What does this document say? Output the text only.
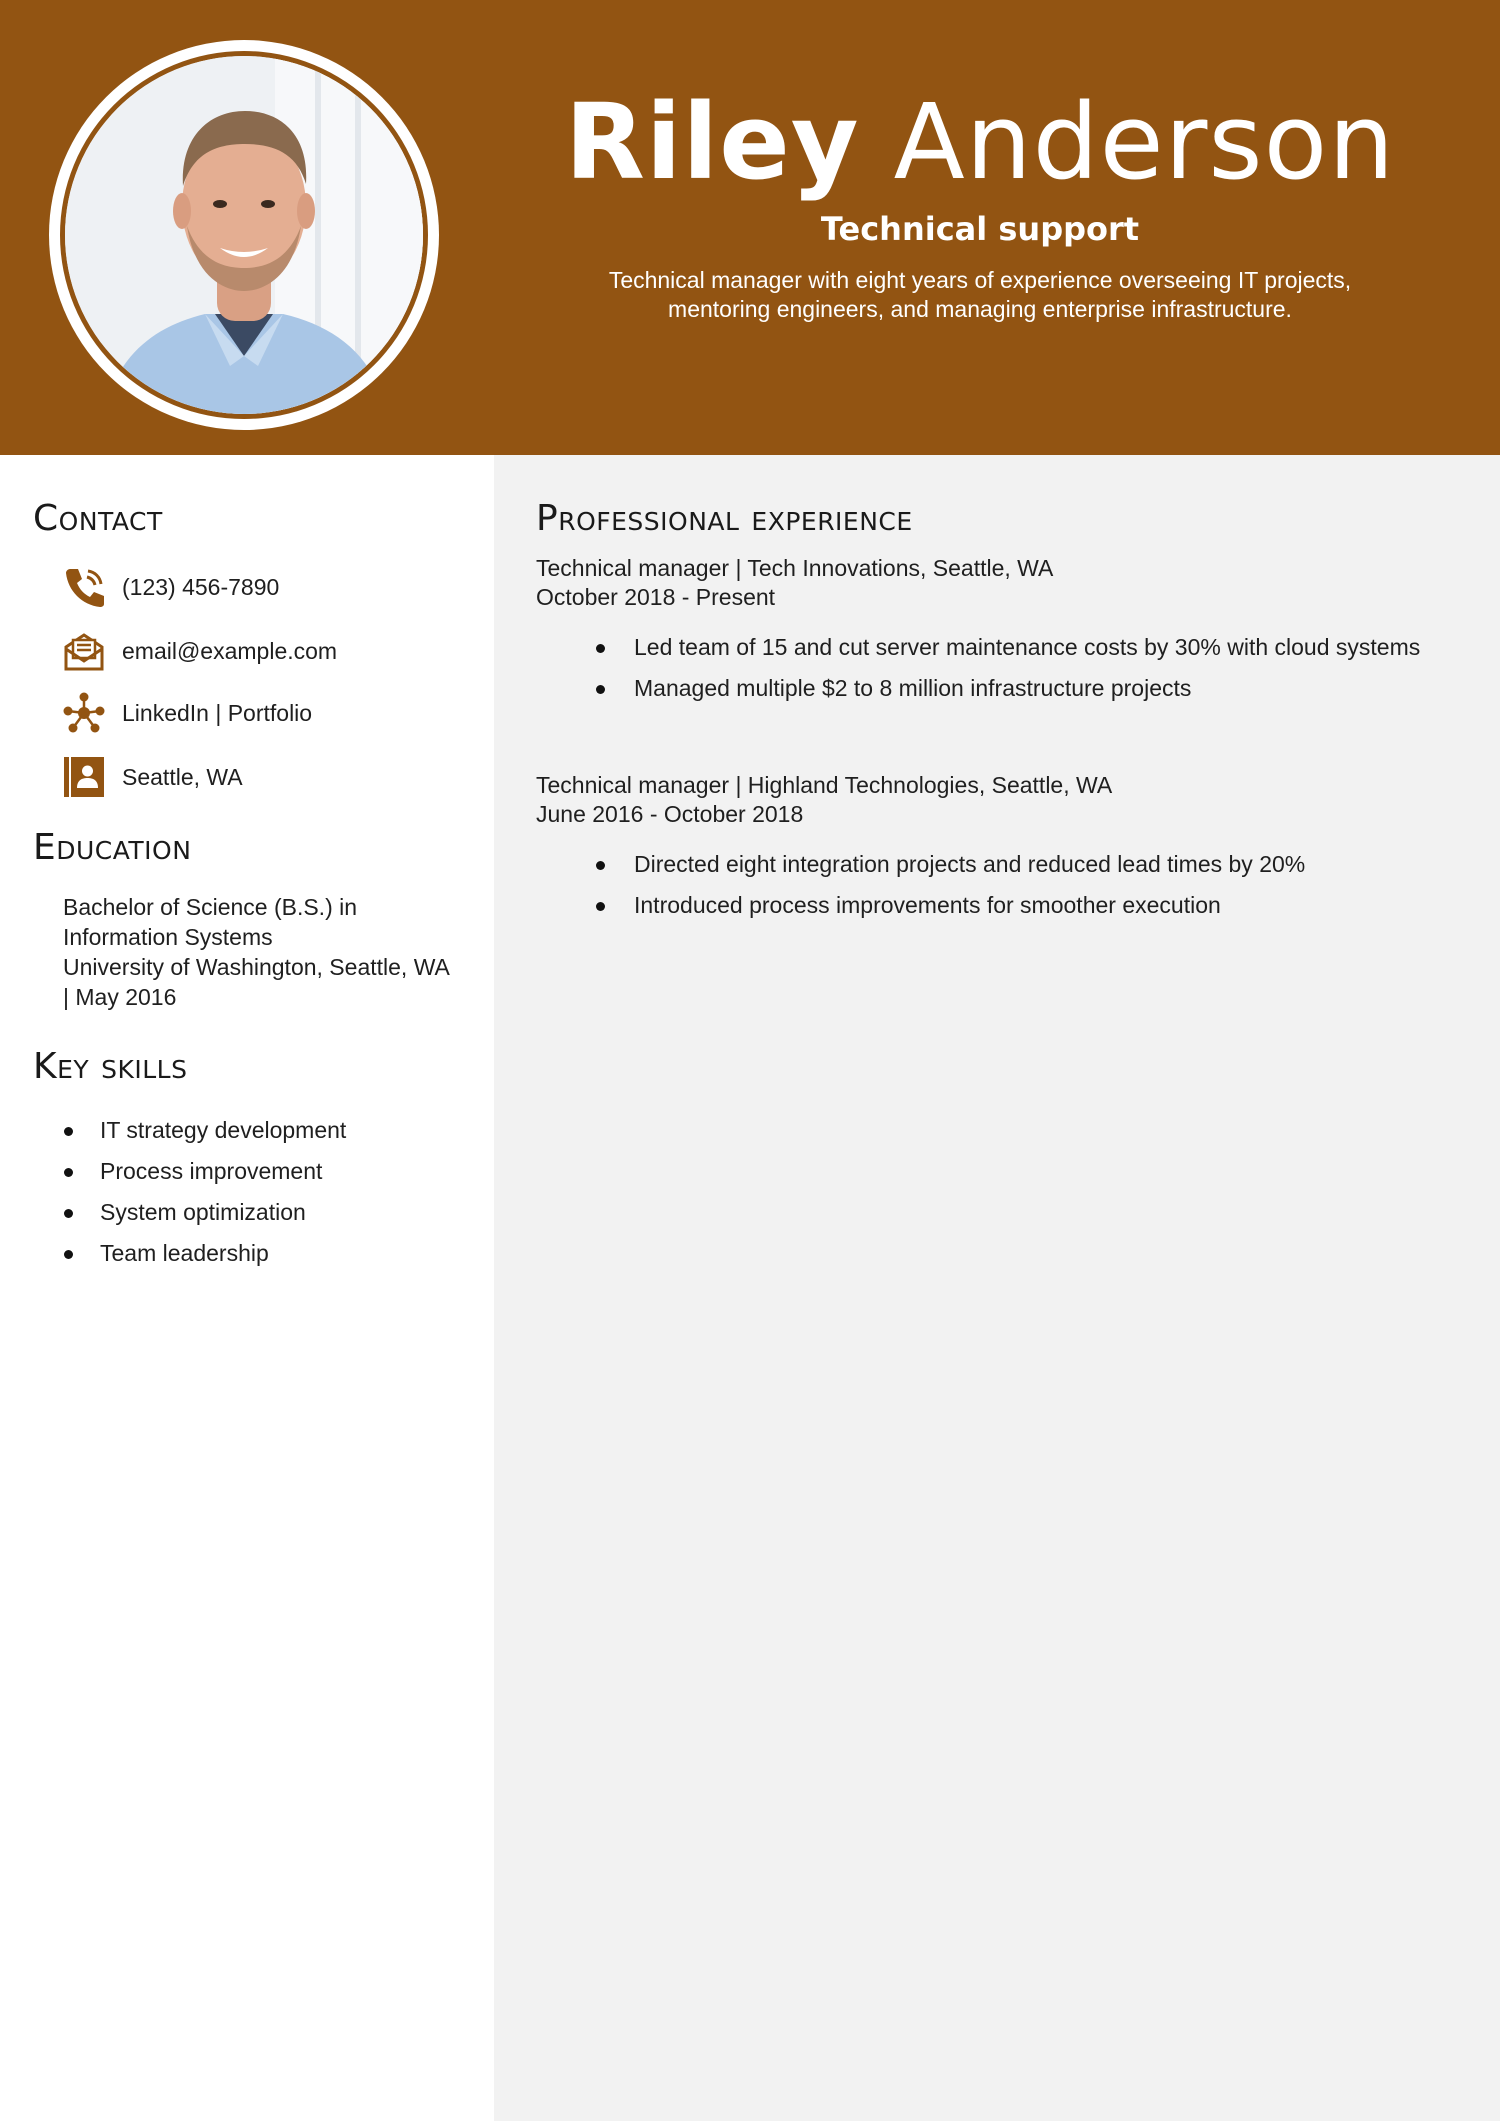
Riley Anderson
Technical support
Technical manager with eight years of experience overseeing IT projects, mentoring engineers, and managing enterprise infrastructure.
Contact
(123) 456-7890
email@example.com
LinkedIn | Portfolio
Seattle, WA
Education
Bachelor of Science (B.S.) in
Information Systems
University of Washington, Seattle, WA
| May 2016
Key skills
IT strategy development
Process improvement
System optimization
Team leadership
Professional experience
Technical manager | Tech Innovations, Seattle, WA
October 2018 - Present
Led team of 15 and cut server maintenance costs by 30% with cloud systems
Managed multiple $2 to 8 million infrastructure projects
Technical manager | Highland Technologies, Seattle, WA
June 2016 - October 2018
Directed eight integration projects and reduced lead times by 20%
Introduced process improvements for smoother execution
